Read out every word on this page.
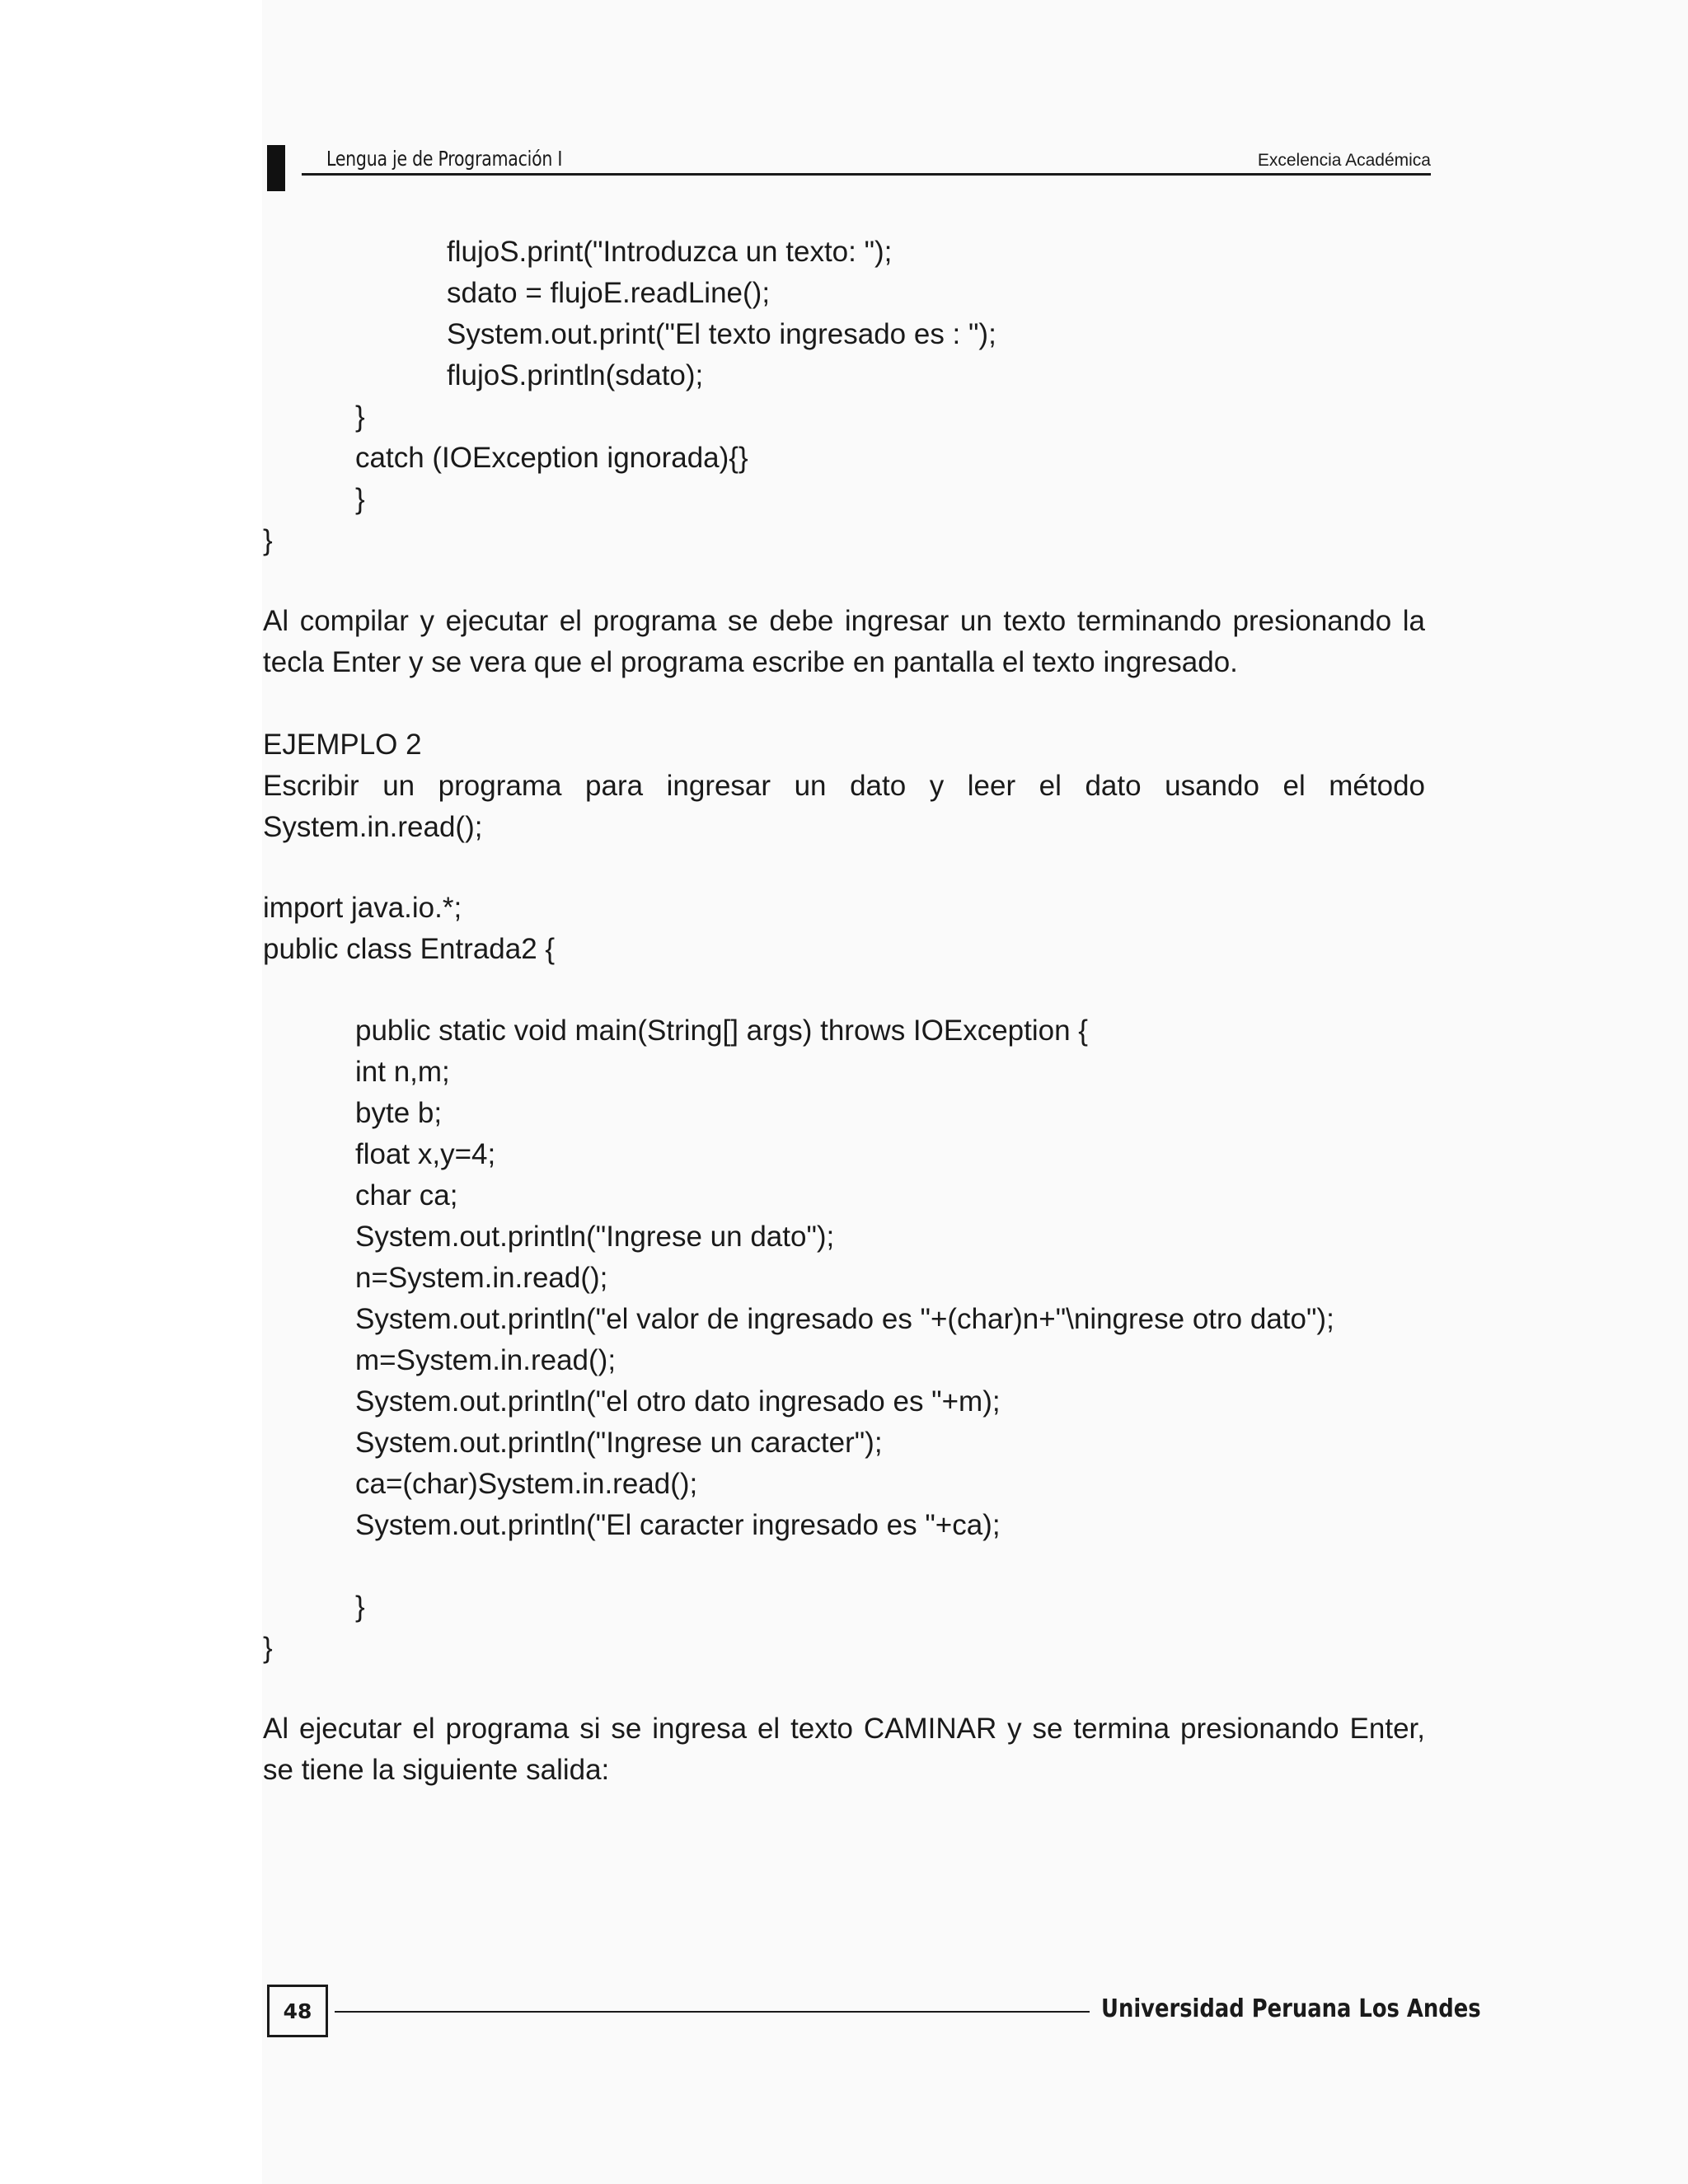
Lengua je de Programación I	Excelencia Académica
flujoS.print("Introduzca un texto: ");
sdato = flujoE.readLine();
System.out.print("El texto ingresado es : ");
flujoS.println(sdato);
}
catch (IOException ignorada){}
}
}
Al compilar y ejecutar el programa se debe ingresar un texto terminando presionando la tecla Enter y se vera que el programa escribe en pantalla el texto ingresado.
EJEMPLO 2
Escribir un programa para ingresar un dato y leer el dato usando el método System.in.read();
import java.io.*;
public class Entrada2 {
public static void main(String[] args) throws IOException {
int n,m;
byte b;
float x,y=4;
char ca;
System.out.println("Ingrese un dato");
n=System.in.read();
System.out.println("el valor de ingresado es "+(char)n+"\ningrese otro dato");
m=System.in.read();
System.out.println("el otro dato ingresado es "+m);
System.out.println("Ingrese un caracter");
ca=(char)System.in.read();
System.out.println("El caracter ingresado es "+ca);
}
}
Al ejecutar el programa si se ingresa el texto CAMINAR y se termina presionando Enter, se tiene la siguiente salida:
48	Universidad Peruana Los Andes
